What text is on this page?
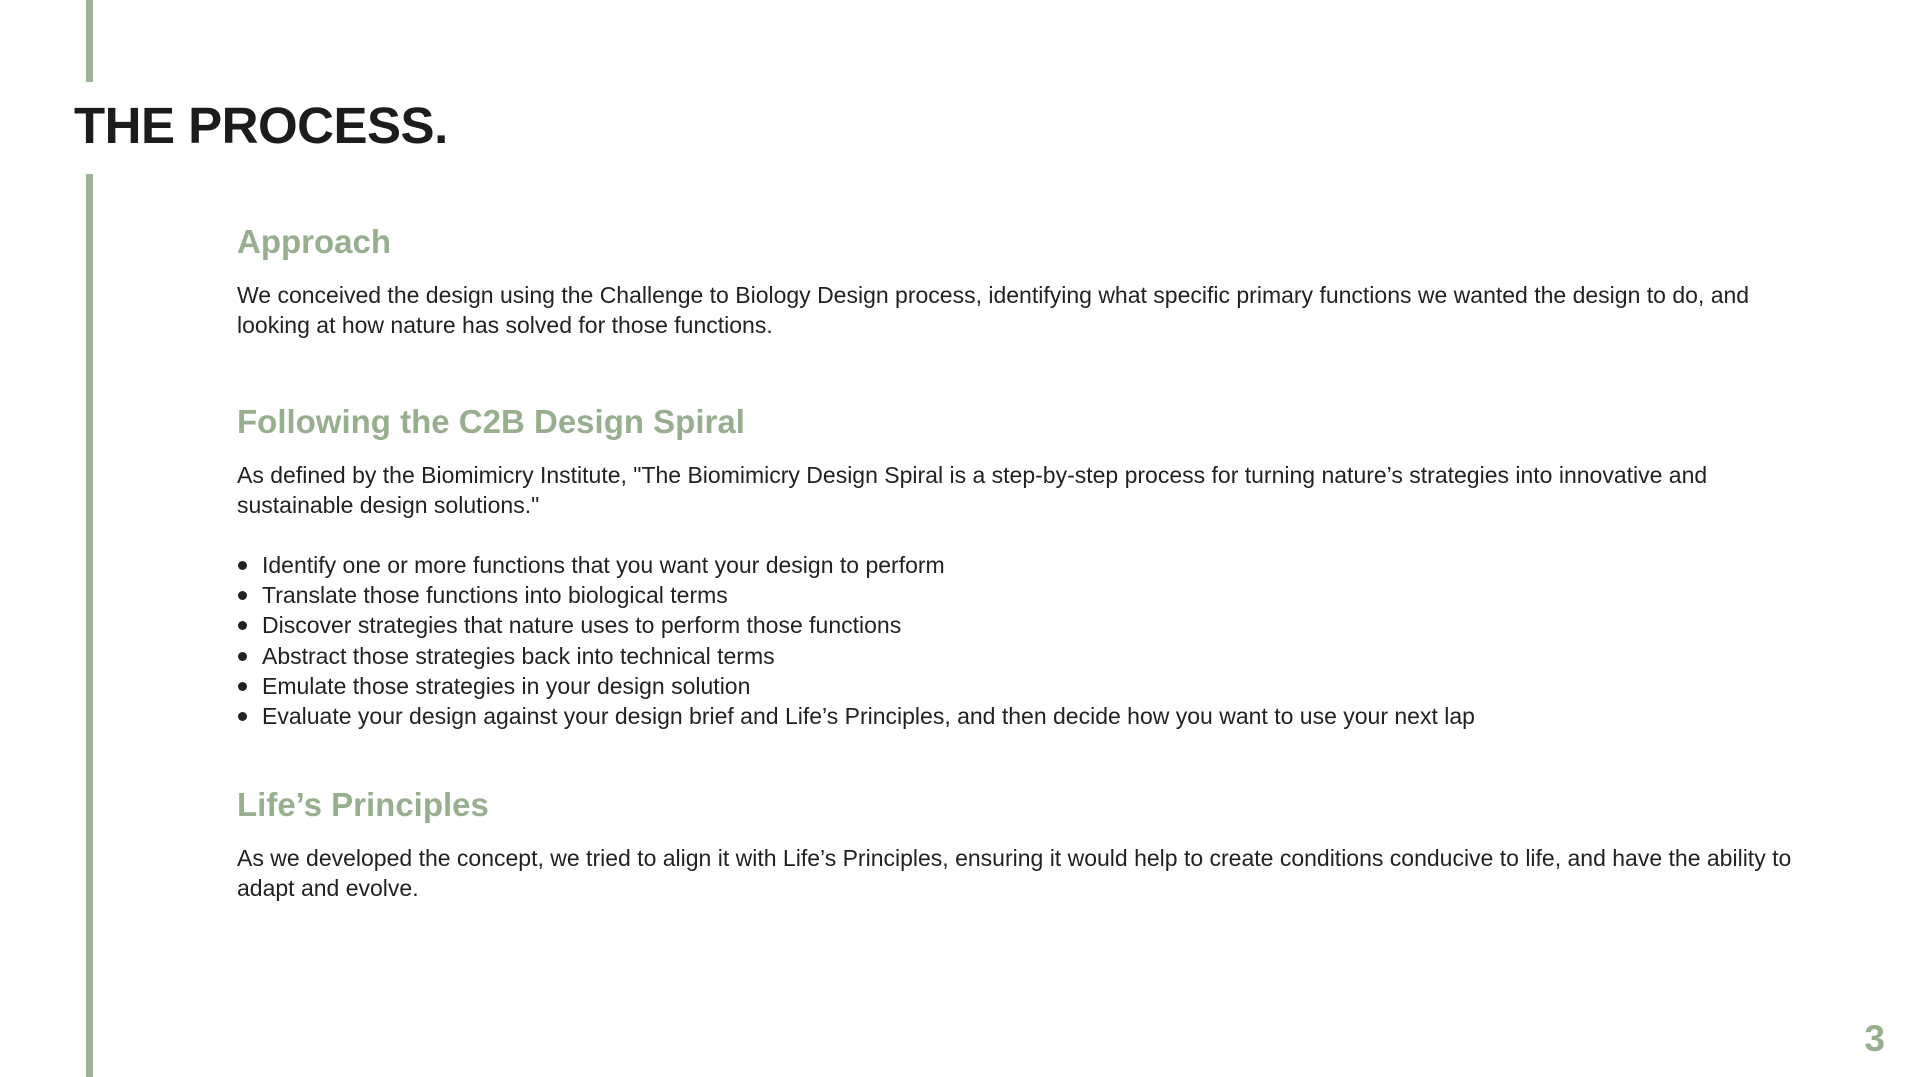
THE PROCESS.
Approach

We conceived the design using the Challenge to Biology Design process, identifying what specific primary functions we wanted the design to do, and looking at how nature has solved for those functions.

Following the C2B Design Spiral

As defined by the Biomimicry Institute, "The Biomimicry Design Spiral is a step-by-step process for turning nature’s strategies into innovative and sustainable design solutions."

Identify one or more functions that you want your design to perform
Translate those functions into biological terms
Discover strategies that nature uses to perform those functions
Abstract those strategies back into technical terms
Emulate those strategies in your design solution
Evaluate your design against your design brief and Life’s Principles, and then decide how you want to use your next lap
Life’s Principles

As we developed the concept, we tried to align it with Life’s Principles, ensuring it would help to create conditions conducive to life, and have the ability to adapt and evolve.

3
